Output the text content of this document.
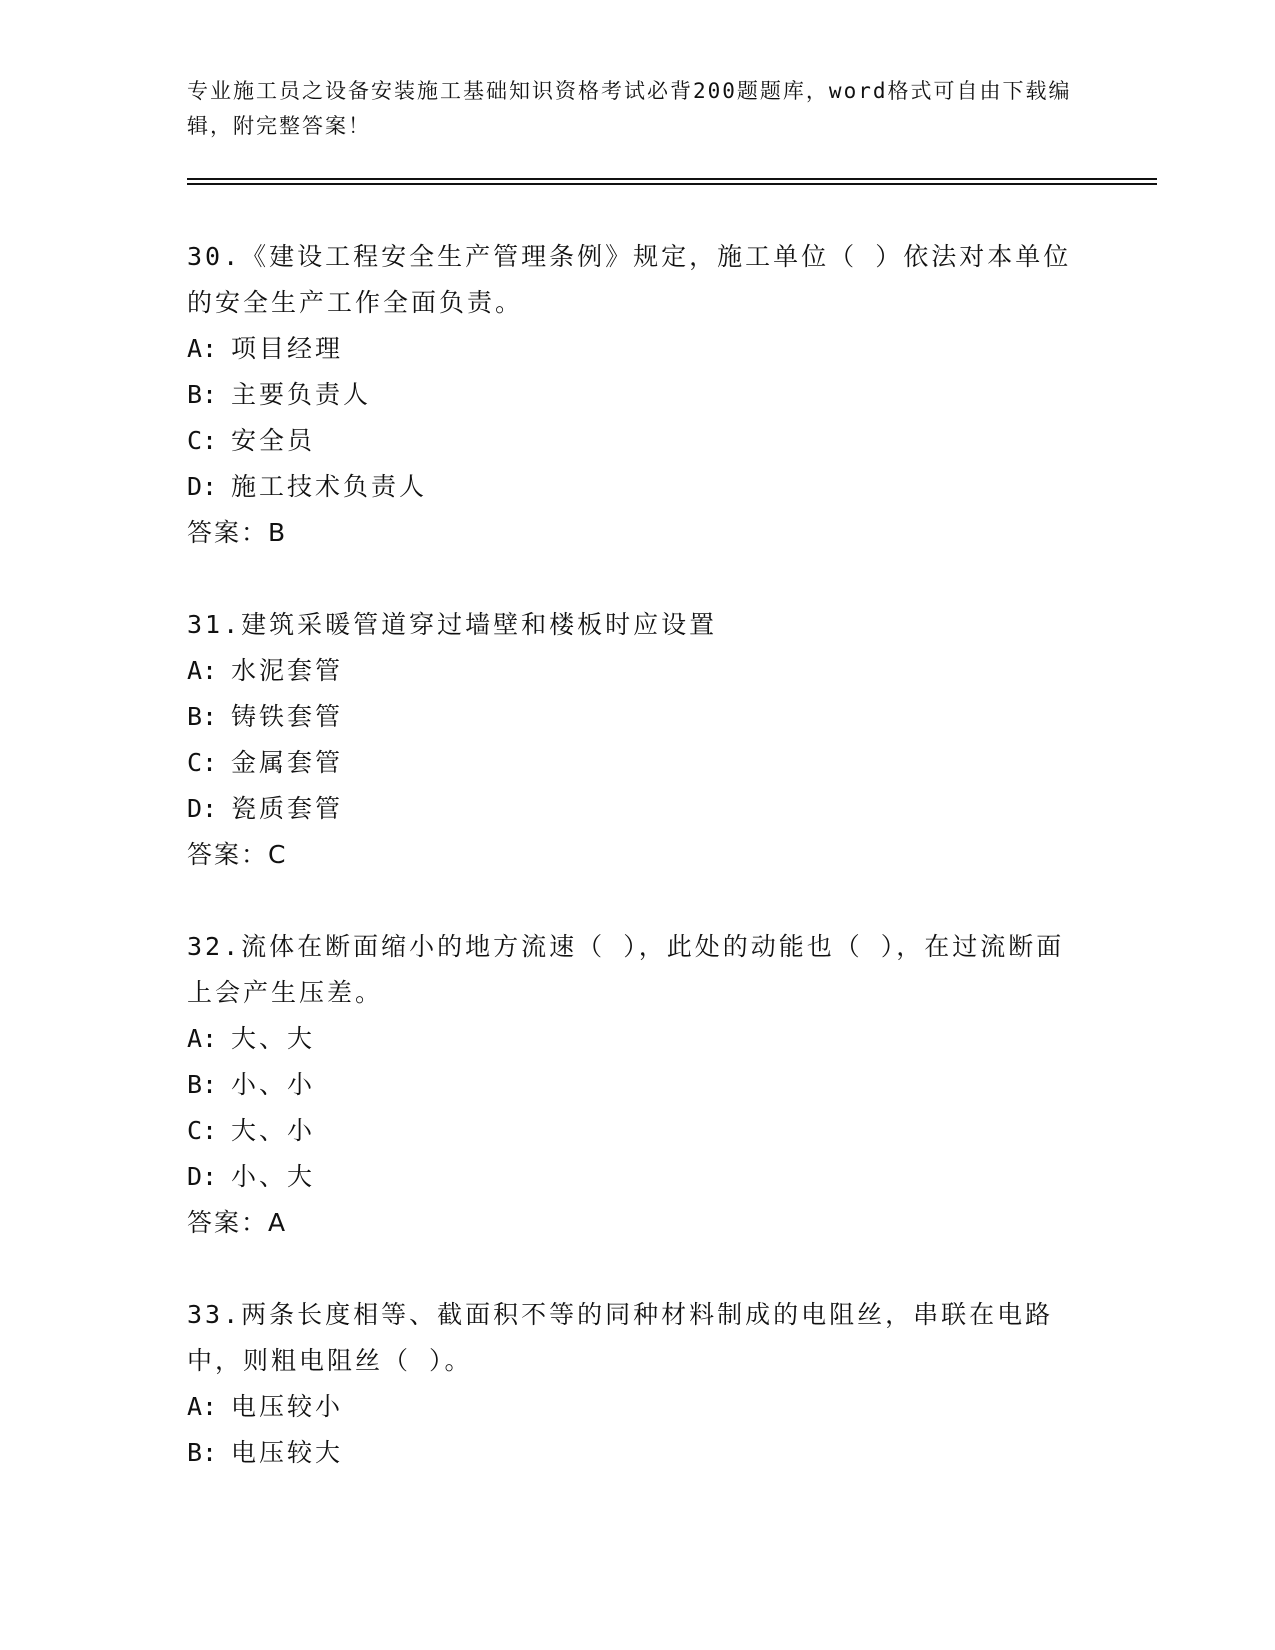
专业施工员之设备安装施工基础知识资格考试必背200题题库，word格式可自由下载编辑，附完整答案！
30.《建设工程安全生产管理条例》规定，施工单位（ ）依法对本单位的安全生产工作全面负责。
A: 项目经理
B: 主要负责人
C: 安全员
D: 施工技术负责人
答案：B
31.建筑采暖管道穿过墙壁和楼板时应设置
A: 水泥套管
B: 铸铁套管
C: 金属套管
D: 瓷质套管
答案：C
32.流体在断面缩小的地方流速（ ），此处的动能也（ ），在过流断面上会产生压差。
A: 大、大
B: 小、小
C: 大、小
D: 小、大
答案：A
33.两条长度相等、截面积不等的同种材料制成的电阻丝，串联在电路中，则粗电阻丝（ ）。
A: 电压较小
B: 电压较大
